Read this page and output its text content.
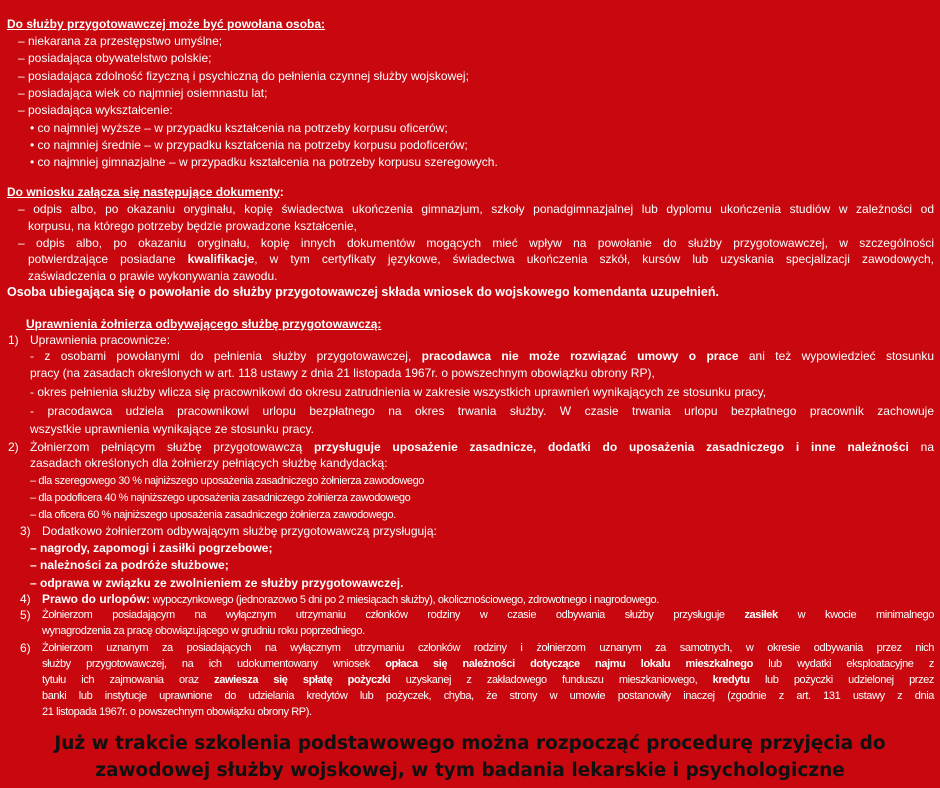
Do służby przygotowawczej może być powołana osoba:
– niekarana za przestępstwo umyślne;
– posiadająca obywatelstwo polskie;
– posiadająca zdolność fizyczną i psychiczną do pełnienia czynnej służby wojskowej;
– posiadająca wiek co najmniej osiemnastu lat;
– posiadająca wykształcenie:
• co najmniej wyższe – w przypadku kształcenia na potrzeby korpusu oficerów;
• co najmniej średnie – w przypadku kształcenia na potrzeby korpusu podoficerów;
• co najmniej gimnazjalne – w przypadku kształcenia na potrzeby korpusu szeregowych.
Do wniosku załącza się następujące dokumenty:
– odpis albo, po okazaniu oryginału, kopię świadectwa ukończenia gimnazjum, szkoły ponadgimnazjalnej lub dyplomu ukończenia studiów w zależności od
korpusu, na którego potrzeby będzie prowadzone kształcenie,
– odpis albo, po okazaniu oryginału, kopię innych dokumentów mogących mieć wpływ na powołanie do służby przygotowawczej, w szczególności
potwierdzające posiadane kwalifikacje, w tym certyfikaty językowe, świadectwa ukończenia szkół, kursów lub uzyskania specjalizacji zawodowych,
zaświadczenia o prawie wykonywania zawodu.
Osoba ubiegająca się o powołanie do służby przygotowawczej składa wniosek do wojskowego komendanta uzupełnień.
Uprawnienia żołnierza odbywającego służbę przygotowawczą:
1) Uprawnienia pracownicze:
- z osobami powołanymi do pełnienia służby przygotowawczej, pracodawca nie może rozwiązać umowy o prace ani też wypowiedzieć stosunku
pracy (na zasadach określonych w art. 118 ustawy z dnia 21 listopada 1967r. o powszechnym obowiązku obrony RP),
- okres pełnienia służby wlicza się pracownikowi do okresu zatrudnienia w zakresie wszystkich uprawnień wynikających ze stosunku pracy,
- pracodawca udziela pracownikowi urlopu bezpłatnego na okres trwania służby. W czasie trwania urlopu bezpłatnego pracownik zachowuje
wszystkie uprawnienia wynikające ze stosunku pracy.
2) Żołnierzom pełniącym służbę przygotowawczą przysługuje uposażenie zasadnicze, dodatki do uposażenia zasadniczego i inne należności na
zasadach określonych dla żołnierzy pełniących służbę kandydacką:
– dla szeregowego 30 % najniższego uposażenia zasadniczego żołnierza zawodowego
– dla podoficera 40 % najniższego uposażenia zasadniczego żołnierza zawodowego
– dla oficera 60 % najniższego uposażenia zasadniczego żołnierza zawodowego.
3) Dodatkowo żołnierzom odbywającym służbę przygotowawczą przysługują:
– nagrody, zapomogi i zasiłki pogrzebowe;
– należności za podróże służbowe;
– odprawa w związku ze zwolnieniem ze służby przygotowawczej.
4) Prawo do urlopów: wypoczynkowego (jednorazowo 5 dni po 2 miesiącach służby), okolicznościowego, zdrowotnego i nagrodowego.
5) Żołnierzom posiadającym na wyłącznym utrzymaniu członków rodziny w czasie odbywania służby przysługuje zasiłek w kwocie minimalnego
wynagrodzenia za pracę obowiązującego w grudniu roku poprzedniego.
6) Żołnierzom uznanym za posiadających na wyłącznym utrzymaniu członków rodziny i żołnierzom uznanym za samotnych, w okresie odbywania przez nich
służby przygotowawczej, na ich udokumentowany wniosek opłaca się należności dotyczące najmu lokalu mieszkalnego lub wydatki eksploatacyjne z
tytułu ich zajmowania oraz zawiesza się spłatę pożyczki uzyskanej z zakładowego funduszu mieszkaniowego, kredytu lub pożyczki udzielonej przez
banki lub instytucje uprawnione do udzielania kredytów lub pożyczek, chyba, że strony w umowie postanowiły inaczej (zgodnie z art. 131 ustawy z dnia
21 listopada 1967r. o powszechnym obowiązku obrony RP).
Już w trakcie szkolenia podstawowego można rozpocząć procedurę przyjęcia do
zawodowej służby wojskowej, w tym badania lekarskie i psychologiczne
